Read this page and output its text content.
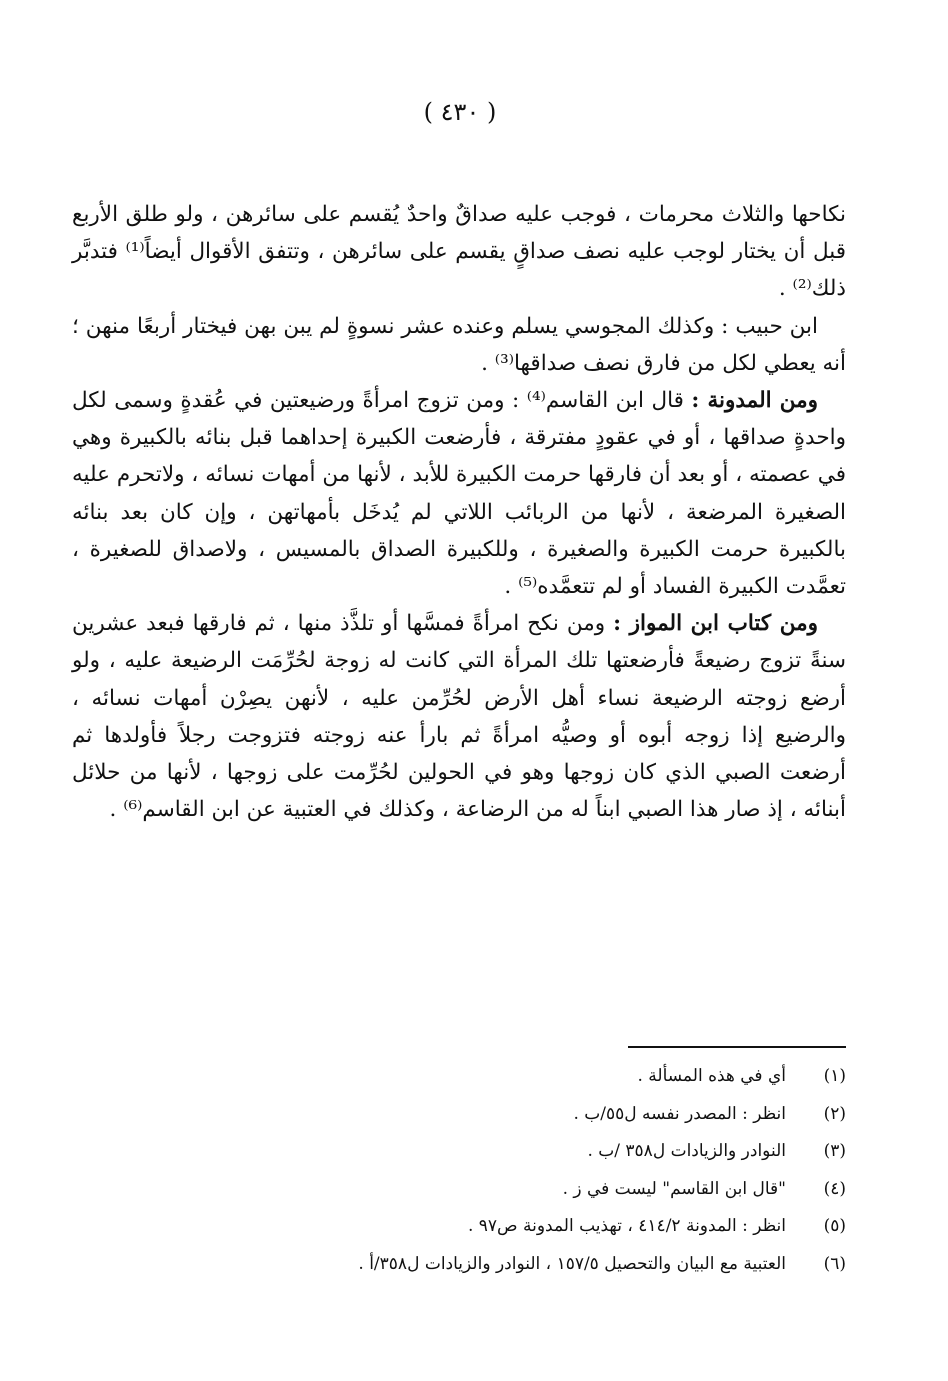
( ٤٣٠ )

نكاحها والثلاث محرمات ، فوجب عليه صداقٌ واحدٌ يُقسم على سائرهن ، ولو طلق الأربع قبل أن يختار لوجب عليه نصف صداقٍ يقسم على سائرهن ، وتتفق الأقوال أيضاً⁽¹⁾ فتدبَّر ذلك⁽²⁾ .

ابن حبيب : وكذلك المجوسي يسلم وعنده عشر نسوةٍ لم يبن بهن فيختار أربعًا منهن ؛ أنه يعطي لكل من فارق نصف صداقها⁽³⁾ .

ومن المدونة : قال ابن القاسم⁽⁴⁾ : ومن تزوج امرأةً ورضيعتين في عُقدةٍ وسمى لكل واحدةٍ صداقها ، أو في عقودٍ مفترقة ، فأرضعت الكبيرة إحداهما قبل بنائه بالكبيرة وهي في عصمته ، أو بعد أن فارقها حرمت الكبيرة للأبد ، لأنها من أمهات نسائه ، ولاتحرم عليه الصغيرة المرضعة ، لأنها من الربائب اللاتي لم يُدخَل بأمهاتهن ، وإن كان بعد بنائه بالكبيرة حرمت الكبيرة والصغيرة ، وللكبيرة الصداق بالمسيس ، ولاصداق للصغيرة ، تعمَّدت الكبيرة الفساد أو لم تتعمَّده⁽⁵⁾ .

ومن كتاب ابن المواز : ومن نكح امرأةً فمسَّها أو تلذَّذ منها ، ثم فارقها فبعد عشرين سنةً تزوج رضيعةً فأرضعتها تلك المرأة التي كانت له زوجة لحُرِّمَت الرضيعة عليه ، ولو أرضع زوجته الرضيعة نساء أهل الأرض لحُرِّمن عليه ، لأنهن يصِرْن أمهات نسائه ، والرضيع إذا زوجه أبوه أو وصيُّه امرأةً ثم بارأ عنه زوجته فتزوجت رجلاً فأولدها ثم أرضعت الصبي الذي كان زوجها وهو في الحولين لحُرِّمت على زوجها ، لأنها من حلائل أبنائه ، إذ صار هذا الصبي ابناً له من الرضاعة ، وكذلك في العتبية عن ابن القاسم⁽⁶⁾ .

(١)
أي في هذه المسألة .
(٢)
انظر : المصدر نفسه ل٥٥/ب .
(٣)
النوادر والزيادات ل٣٥٨ /ب .
(٤)
"قال ابن القاسم" ليست في ز .
(٥)
انظر : المدونة ٤١٤/٢ ، تهذيب المدونة ص٩٧ .
(٦)
العتبية مع البيان والتحصيل ١٥٧/٥ ، النوادر والزيادات ل٣٥٨/أ .
